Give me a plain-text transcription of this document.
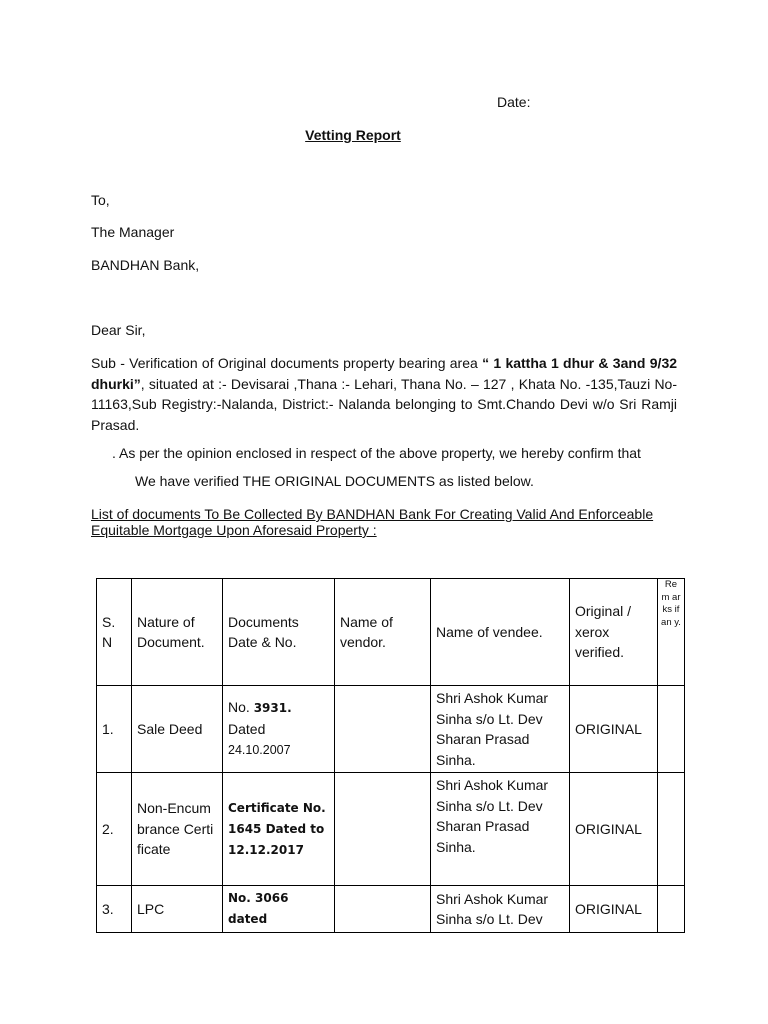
Date:
Vetting Report
To,
The Manager
BANDHAN Bank,
Dear Sir,
Sub - Verification of Original documents property bearing area “ 1 kattha 1 dhur & 3and 9/32 dhurki”, situated at :- Devisarai ,Thana :- Lehari, Thana No. – 127 , Khata No. -135,Tauzi No-11163,Sub Registry:-Nalanda, District:- Nalanda belonging to Smt.Chando Devi w/o Sri Ramji Prasad.
. As per the opinion enclosed in respect of the above property, we hereby confirm that
We have verified THE ORIGINAL DOCUMENTS as listed below.
List of documents To Be Collected By BANDHAN Bank For Creating Valid And Enforceable Equitable Mortgage Upon Aforesaid Property :
S. N	Nature of Document.	Documents Date & No.	Name of vendor.	Name of vendee.	Original / xerox verified.	Re m ar ks if an y.
1.	Sale Deed	No. 3931.
Dated
24.10.2007		Shri Ashok Kumar Sinha s/o Lt. Dev Sharan Prasad Sinha.	ORIGINAL	
2.	Non-Encumbrance Certificate	Certificate No. 1645 Dated to 12.12.2017		Shri Ashok Kumar Sinha s/o Lt. Dev Sharan Prasad Sinha.	ORIGINAL	
3.	LPC	No. 3066
dated		Shri Ashok Kumar Sinha s/o Lt. Dev	ORIGINAL	
